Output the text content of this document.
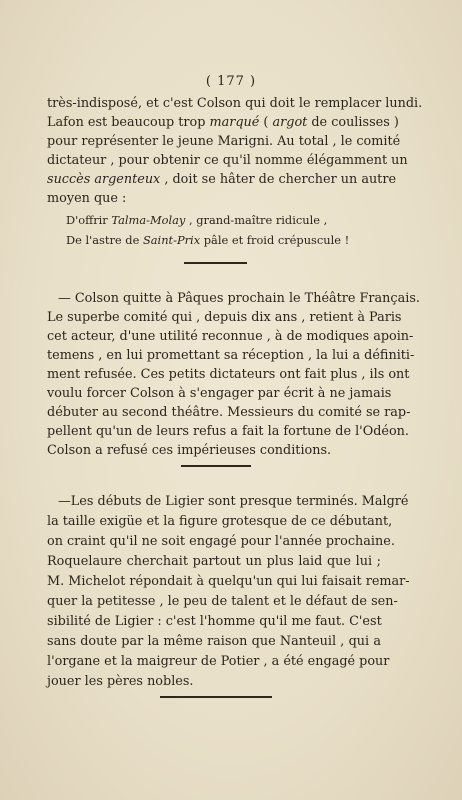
( 177 )
très-indisposé, et c'est Colson qui doit le remplacer lundi.
Lafon est beaucoup trop marqué ( argot de coulisses )
pour représenter le jeune Marigni. Au total , le comité
dictateur , pour obtenir ce qu'il nomme élégamment un
succès argenteux , doit se hâter de chercher un autre
moyen que :
D'offrir Talma-Molay , grand-maître ridicule ,
De l'astre de Saint-Prix pâle et froid crépuscule !
— Colson quitte à Pâques prochain le Théâtre Français.
Le superbe comité qui , depuis dix ans , retient à Paris
cet acteur, d'une utilité reconnue , à de modiques apoin-
temens , en lui promettant sa réception , la lui a définiti-
ment refusée. Ces petits dictateurs ont fait plus , ils ont
voulu forcer Colson à s'engager par écrit à ne jamais
débuter au second théâtre. Messieurs du comité se rap-
pellent qu'un de leurs refus a fait la fortune de l'Odéon.
Colson a refusé ces impérieuses conditions.
—Les débuts de Ligier sont presque terminés. Malgré
la taille exigüe et la figure grotesque de ce débutant,
on craint qu'il ne soit engagé pour l'année prochaine.
Roquelaure cherchait partout un plus laid que lui ;
M. Michelot répondait à quelqu'un qui lui faisait remar-
quer la petitesse , le peu de talent et le défaut de sen-
sibilité de Ligier : c'est l'homme qu'il me faut. C'est
sans doute par la même raison que Nanteuil , qui a
l'organe et la maigreur de Potier , a été engagé pour
jouer les pères nobles.
